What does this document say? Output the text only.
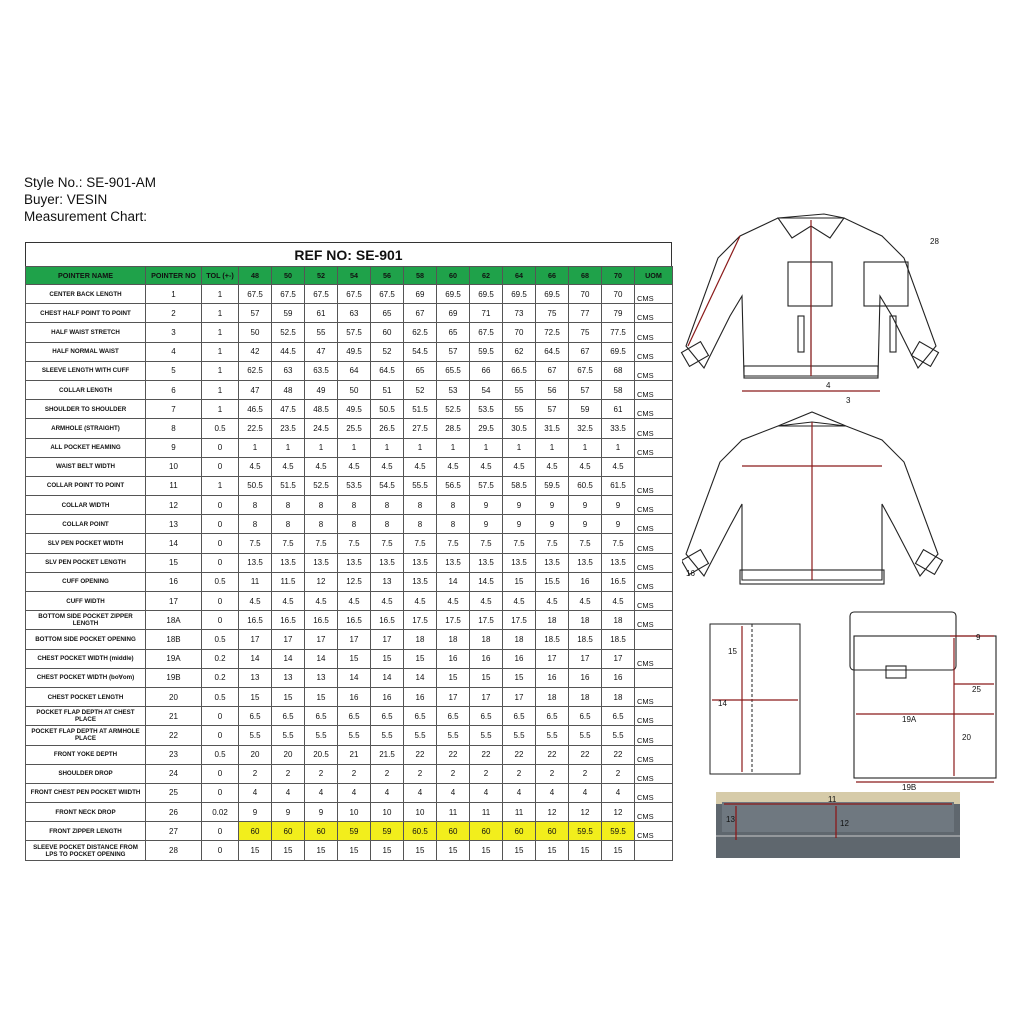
Style No.: SE-901-AM
Buyer: VESIN
Measurement Chart:
REF NO: SE-901
POINTER NAME	POINTER NO	TOL (+-)	48	50	52	54	56	58	60	62	64	66	68	70	UOM
CENTER BACK LENGTH	1	1	67.5	67.5	67.5	67.5	67.5	69	69.5	69.5	69.5	69.5	70	70	CMS
CHEST HALF POINT TO POINT	2	1	57	59	61	63	65	67	69	71	73	75	77	79	CMS
HALF WAIST STRETCH	3	1	50	52.5	55	57.5	60	62.5	65	67.5	70	72.5	75	77.5	CMS
HALF NORMAL WAIST	4	1	42	44.5	47	49.5	52	54.5	57	59.5	62	64.5	67	69.5	CMS
SLEEVE LENGTH WITH CUFF	5	1	62.5	63	63.5	64	64.5	65	65.5	66	66.5	67	67.5	68	CMS
COLLAR LENGTH	6	1	47	48	49	50	51	52	53	54	55	56	57	58	CMS
SHOULDER TO SHOULDER	7	1	46.5	47.5	48.5	49.5	50.5	51.5	52.5	53.5	55	57	59	61	CMS
ARMHOLE (STRAIGHT)	8	0.5	22.5	23.5	24.5	25.5	26.5	27.5	28.5	29.5	30.5	31.5	32.5	33.5	CMS
ALL POCKET HEAMING	9	0	1	1	1	1	1	1	1	1	1	1	1	1	CMS
WAIST BELT WIDTH	10	0	4.5	4.5	4.5	4.5	4.5	4.5	4.5	4.5	4.5	4.5	4.5	4.5	
COLLAR POINT TO POINT	11	1	50.5	51.5	52.5	53.5	54.5	55.5	56.5	57.5	58.5	59.5	60.5	61.5	CMS
COLLAR WIDTH	12	0	8	8	8	8	8	8	8	9	9	9	9	9	CMS
COLLAR POINT	13	0	8	8	8	8	8	8	8	9	9	9	9	9	CMS
SLV PEN POCKET WIDTH	14	0	7.5	7.5	7.5	7.5	7.5	7.5	7.5	7.5	7.5	7.5	7.5	7.5	CMS
SLV PEN POCKET LENGTH	15	0	13.5	13.5	13.5	13.5	13.5	13.5	13.5	13.5	13.5	13.5	13.5	13.5	CMS
CUFF OPENING	16	0.5	11	11.5	12	12.5	13	13.5	14	14.5	15	15.5	16	16.5	CMS
CUFF WIDTH	17	0	4.5	4.5	4.5	4.5	4.5	4.5	4.5	4.5	4.5	4.5	4.5	4.5	CMS
BOTTOM SIDE POCKET ZIPPER LENGTH	18A	0	16.5	16.5	16.5	16.5	16.5	17.5	17.5	17.5	17.5	18	18	18	CMS
BOTTOM SIDE POCKET OPENING	18B	0.5	17	17	17	17	17	18	18	18	18	18.5	18.5	18.5	
CHEST POCKET WIDTH (middle)	19A	0.2	14	14	14	15	15	15	16	16	16	17	17	17	CMS
CHEST POCKET WIDTH (boⱯom)	19B	0.2	13	13	13	14	14	14	15	15	15	16	16	16	
CHEST POCKET LENGTH	20	0.5	15	15	15	16	16	16	17	17	17	18	18	18	CMS
POCKET FLAP DEPTH AT CHEST PLACE	21	0	6.5	6.5	6.5	6.5	6.5	6.5	6.5	6.5	6.5	6.5	6.5	6.5	CMS
POCKET FLAP DEPTH AT ARMHOLE PLACE	22	0	5.5	5.5	5.5	5.5	5.5	5.5	5.5	5.5	5.5	5.5	5.5	5.5	CMS
FRONT YOKE DEPTH	23	0.5	20	20	20.5	21	21.5	22	22	22	22	22	22	22	CMS
SHOULDER DROP	24	0	2	2	2	2	2	2	2	2	2	2	2	2	CMS
FRONT CHEST PEN POCKET WIIDTH	25	0	4	4	4	4	4	4	4	4	4	4	4	4	CMS
FRONT NECK DROP	26	0.02	9	9	9	10	10	10	11	11	11	12	12	12	CMS
FRONT ZIPPER LENGTH	27	0	60	60	60	59	59	60.5	60	60	60	60	59.5	59.5	CMS
SLEEVE POCKET DISTANCE FROM LPS TO POCKET OPENING	28	0	15	15	15	15	15	15	15	15	15	15	15	15	
28
4
3
16
15
14
9
25
19A
20
19B
11
13	12
